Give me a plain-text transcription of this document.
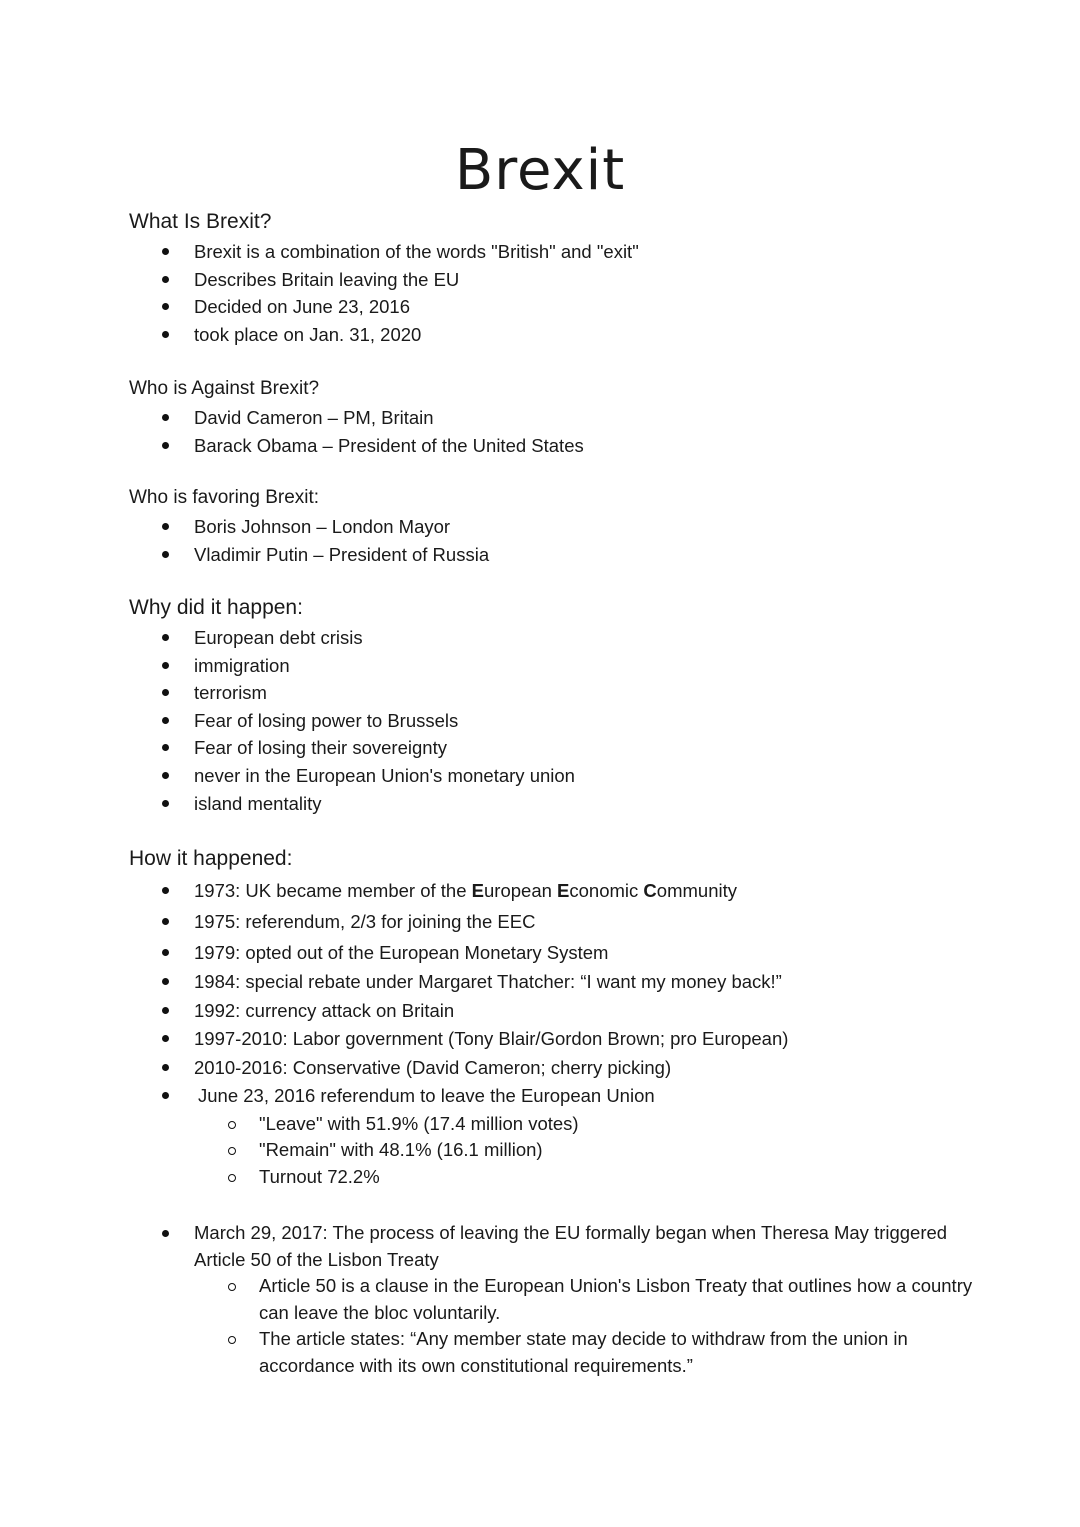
Brexit
What Is Brexit?
Brexit is a combination of the words "British" and "exit"
Describes Britain leaving the EU
Decided on June 23, 2016
took place on Jan. 31, 2020
Who is Against Brexit?
David Cameron – PM, Britain
Barack Obama – President of the United States
Who is favoring Brexit:
Boris Johnson – London Mayor
Vladimir Putin – President of Russia
Why did it happen:
European debt crisis
immigration
terrorism
Fear of losing power to Brussels
Fear of losing their sovereignty
never in the European Union's monetary union
island mentality
How it happened:
1973: UK became member of the European Economic Community
1975: referendum, 2/3 for joining the EEC
1979: opted out of the European Monetary System
1984: special rebate under Margaret Thatcher: “I want my money back!”
1992: currency attack on Britain
1997-2010: Labor government (Tony Blair/Gordon Brown; pro European)
2010-2016: Conservative (David Cameron; cherry picking)
June 23, 2016 referendum to leave the European Union
"Leave" with 51.9% (17.4 million votes)
"Remain" with 48.1% (16.1 million)
Turnout 72.2%
March 29, 2017: The process of leaving the EU formally began when Theresa May triggered Article 50 of the Lisbon Treaty
Article 50 is a clause in the European Union's Lisbon Treaty that outlines how a country can leave the bloc voluntarily.
The article states: “Any member state may decide to withdraw from the union in accordance with its own constitutional requirements.”
